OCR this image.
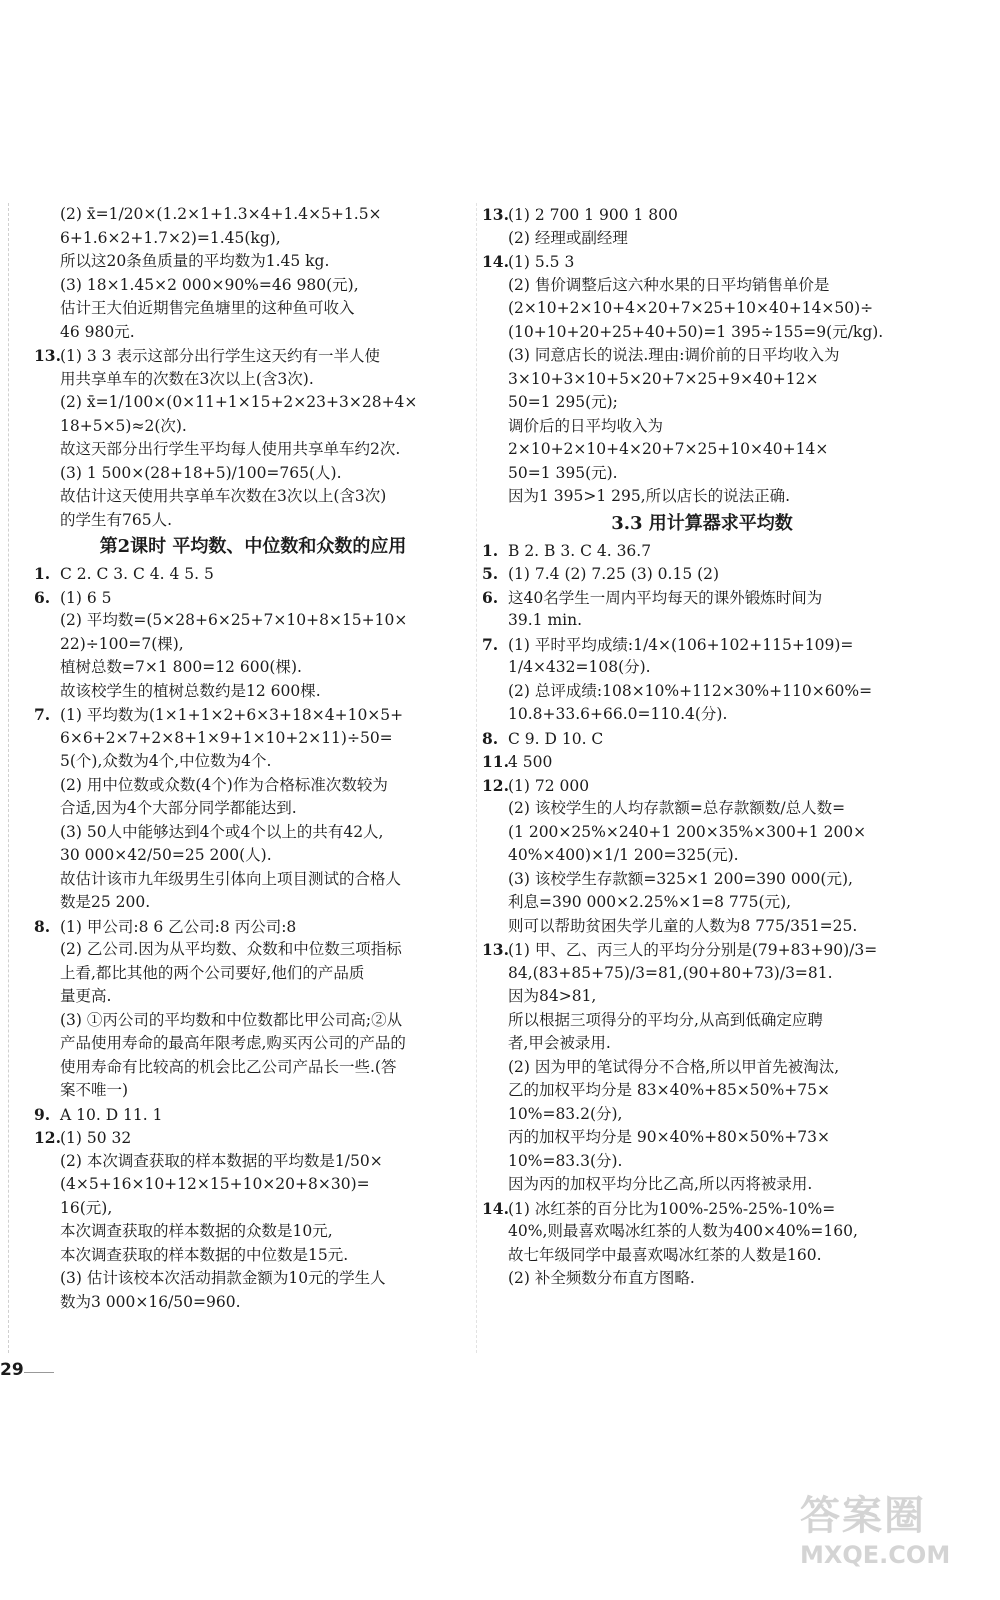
(2) x̄=1/20×(1.2×1+1.3×4+1.4×5+1.5×
6+1.6×2+1.7×2)=1.45(kg),
所以这20条鱼质量的平均数为1.45 kg.
(3) 18×1.45×2 000×90%=46 980(元),
估计王大伯近期售完鱼塘里的这种鱼可收入
46 980元.
13.(1) 3 3 表示这部分出行学生这天约有一半人使
用共享单车的次数在3次以上(含3次).
(2) x̄=1/100×(0×11+1×15+2×23+3×28+4×
18+5×5)≈2(次).
故这天部分出行学生平均每人使用共享单车约2次.
(3) 1 500×(28+18+5)/100=765(人).
故估计这天使用共享单车次数在3次以上(含3次)
的学生有765人.
第2课时 平均数、中位数和众数的应用
1. C 2. C 3. C 4. 4 5. 5
6. (1) 6 5
(2) 平均数=(5×28+6×25+7×10+8×15+10×
22)÷100=7(棵),
植树总数=7×1 800=12 600(棵).
故该校学生的植树总数约是12 600棵.
7. (1) 平均数为(1×1+1×2+6×3+18×4+10×5+
6×6+2×7+2×8+1×9+1×10+2×11)÷50=
5(个),众数为4个,中位数为4个.
(2) 用中位数或众数(4个)作为合格标准次数较为
合适,因为4个大部分同学都能达到.
(3) 50人中能够达到4个或4个以上的共有42人,
30 000×42/50=25 200(人).
故估计该市九年级男生引体向上项目测试的合格人
数是25 200.
8. (1) 甲公司:8 6 乙公司:8 丙公司:8
(2) 乙公司.因为从平均数、众数和中位数三项指标
上看,都比其他的两个公司要好,他们的产品质
量更高.
(3) ①丙公司的平均数和中位数都比甲公司高;②从
产品使用寿命的最高年限考虑,购买丙公司的产品的
使用寿命有比较高的机会比乙公司产品长一些.(答
案不唯一)
9. A 10. D 11. 1
12.(1) 50 32
(2) 本次调查获取的样本数据的平均数是1/50×
(4×5+16×10+12×15+10×20+8×30)=
16(元),
本次调查获取的样本数据的众数是10元,
本次调查获取的样本数据的中位数是15元.
(3) 估计该校本次活动捐款金额为10元的学生人
数为3 000×16/50=960.
13.(1) 2 700 1 900 1 800
(2) 经理或副经理
14.(1) 5.5 3
(2) 售价调整后这六种水果的日平均销售单价是
(2×10+2×10+4×20+7×25+10×40+14×50)÷
(10+10+20+25+40+50)=1 395÷155=9(元/kg).
(3) 同意店长的说法.理由:调价前的日平均收入为
3×10+3×10+5×20+7×25+9×40+12×
50=1 295(元);
调价后的日平均收入为
2×10+2×10+4×20+7×25+10×40+14×
50=1 395(元).
因为1 395>1 295,所以店长的说法正确.
3.3 用计算器求平均数
1. B 2. B 3. C 4. 36.7
5. (1) 7.4 (2) 7.25 (3) 0.15 (2)
6. 这40名学生一周内平均每天的课外锻炼时间为
39.1 min.
7. (1) 平时平均成绩:1/4×(106+102+115+109)=
1/4×432=108(分).
(2) 总评成绩:108×10%+112×30%+110×60%=
10.8+33.6+66.0=110.4(分).
8. C 9. D 10. C
11.4 500
12.(1) 72 000
(2) 该校学生的人均存款额=总存款额数/总人数=
(1 200×25%×240+1 200×35%×300+1 200×
40%×400)×1/1 200=325(元).
(3) 该校学生存款额=325×1 200=390 000(元),
利息=390 000×2.25%×1=8 775(元),
则可以帮助贫困失学儿童的人数为8 775/351=25.
13.(1) 甲、乙、丙三人的平均分分别是(79+83+90)/3=
84,(83+85+75)/3=81,(90+80+73)/3=81.
因为84>81,
所以根据三项得分的平均分,从高到低确定应聘
者,甲会被录用.
(2) 因为甲的笔试得分不合格,所以甲首先被淘汰,
乙的加权平均分是 83×40%+85×50%+75×
10%=83.2(分),
丙的加权平均分是 90×40%+80×50%+73×
10%=83.3(分).
因为丙的加权平均分比乙高,所以丙将被录用.
14.(1) 冰红茶的百分比为100%-25%-25%-10%=
40%,则最喜欢喝冰红茶的人数为400×40%=160,
故七年级同学中最喜欢喝冰红茶的人数是160.
(2) 补全频数分布直方图略.
29
答案圈
MXQE.COM
